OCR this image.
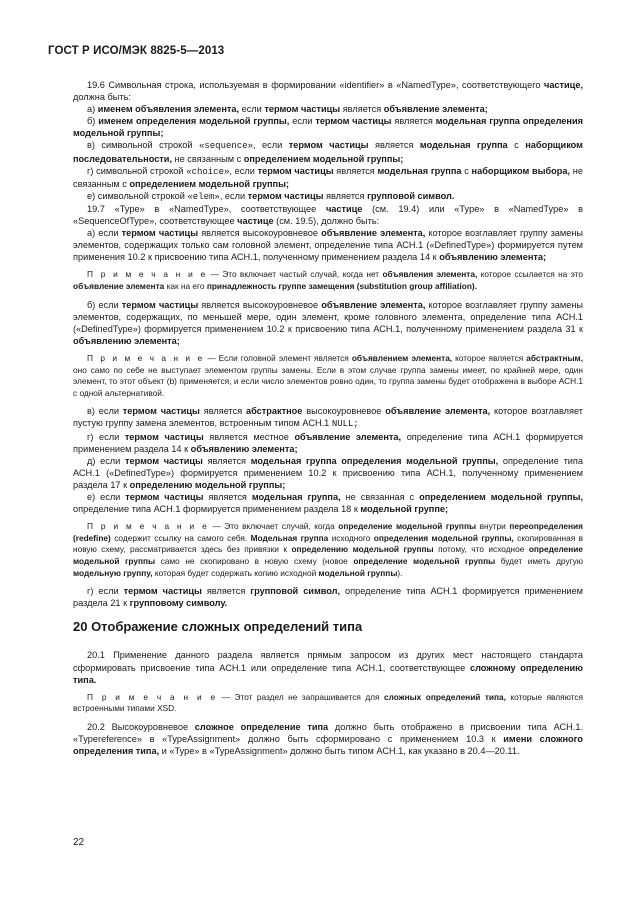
ГОСТ Р ИСО/МЭК 8825-5—2013

19.6 Символьная строка, используемая в формировании «identifier» в «NamedType», соответствующего частице, должна быть:

а) именем объявления элемента, если термом частицы является объявление элемента;

б) именем определения модельной группы, если термом частицы является модельная группа определения модельной группы;

в) символьной строкой «sequence», если термом частицы является модельная группа с наборщиком последовательности, не связанным с определением модельной группы;

г) символьной строкой «choice», если термом частицы является модельная группа с наборщиком выбора, не связанным с определением модельной группы;

е) символьной строкой «elem», если термом частицы является групповой символ.

19.7 «Type» в «NamedType», соответствующее частице (см. 19.4) или «Type» в «NamedType» в «SequenceOfType», соответствующее частице (см. 19.5), должно быть:

а) если термом частицы является высокоуровневое объявление элемента, которое возглавляет группу замены элементов, содержащих только сам головной элемент, определение типа АСН.1 («DefinedType») формируется путем применения 10.2 к присвоению типа АСН.1, полученному применением раздела 14 к объявлению элемента;

П р и м е ч а н и е — Это включает частый случай, когда нет объявления элемента, которое ссылается на это объявление элемента как на его принадлежность группе замещения (substitution group affiliation).

б) если термом частицы является высокоуровневое объявление элемента, которое возглавляет группу замены элементов, содержащих, по меньшей мере, один элемент, кроме головного элемента, определение типа АСН.1 («DefinedType») формируется применением 10.2 к присвоению типа АСН.1, полученному применением раздела 31 к объявлению элемента;

П р и м е ч а н и е — Если головной элемент является объявлением элемента, которое является абстрактным, оно само по себе не выступает элементом группы замены. Если в этом случае группа замены имеет, по крайней мере, один элемент, то этот объект (b) применяется, и если число элементов ровно один, то группа замены будет отображена в выборе АСН.1 с одной альтернативой.

в) если термом частицы является абстрактное высокоуровневое объявление элемента, которое возглавляет пустую группу замена элементов, встроенным типом АСН.1 NULL;

г) если термом частицы является местное объявление элемента, определение типа АСН.1 формируется применением раздела 14 к объявлению элемента;

д) если термом частицы является модельная группа определения модельной группы, определение типа АСН.1 («DefinedType») формируется применением 10.2 к присвоению типа АСН.1, полученному применением раздела 17 к определению модельной группы;

е) если термом частицы является модельная группа, не связанная с определением модельной группы, определение типа АСН.1 формируется применением раздела 18 к модельной группе;

П р и м е ч а н и е — Это включает случай, когда определение модельной группы внутри переопределения (redefine) содержит ссылку на самого себя. Модельная группа исходного определения модельной группы, скопированная в новую схему, рассматривается здесь без привязки к определению модельной группы потому, что исходное определение модельной группы само не скопировано в новую схему (новое определение модельной группы будет иметь другую модельную группу, которая будет содержать копию исходной модельной группы).

г) если термом частицы является групповой символ, определение типа АСН.1 формируется применением раздела 21 к групповому символу.

20 Отображение сложных определений типа

20.1 Применение данного раздела является прямым запросом из других мест настоящего стандарта сформировать присвоение типа АСН.1 или определение типа АСН.1, соответствующее сложному определению типа.

П р и м е ч а н и е — Этот раздел не запрашивается для сложных определений типа, которые являются встроенными типами XSD.

20.2 Высокоуровневое сложное определение типа должно быть отображено в присвоении типа АСН.1. «Typereference» в «TypeAssignment» должно быть сформировано с применением 10.3 к имени сложного определения типа, и «Type» в «TypeAssignment» должно быть типом АСН.1, как указано в 20.4—20.11.

22
